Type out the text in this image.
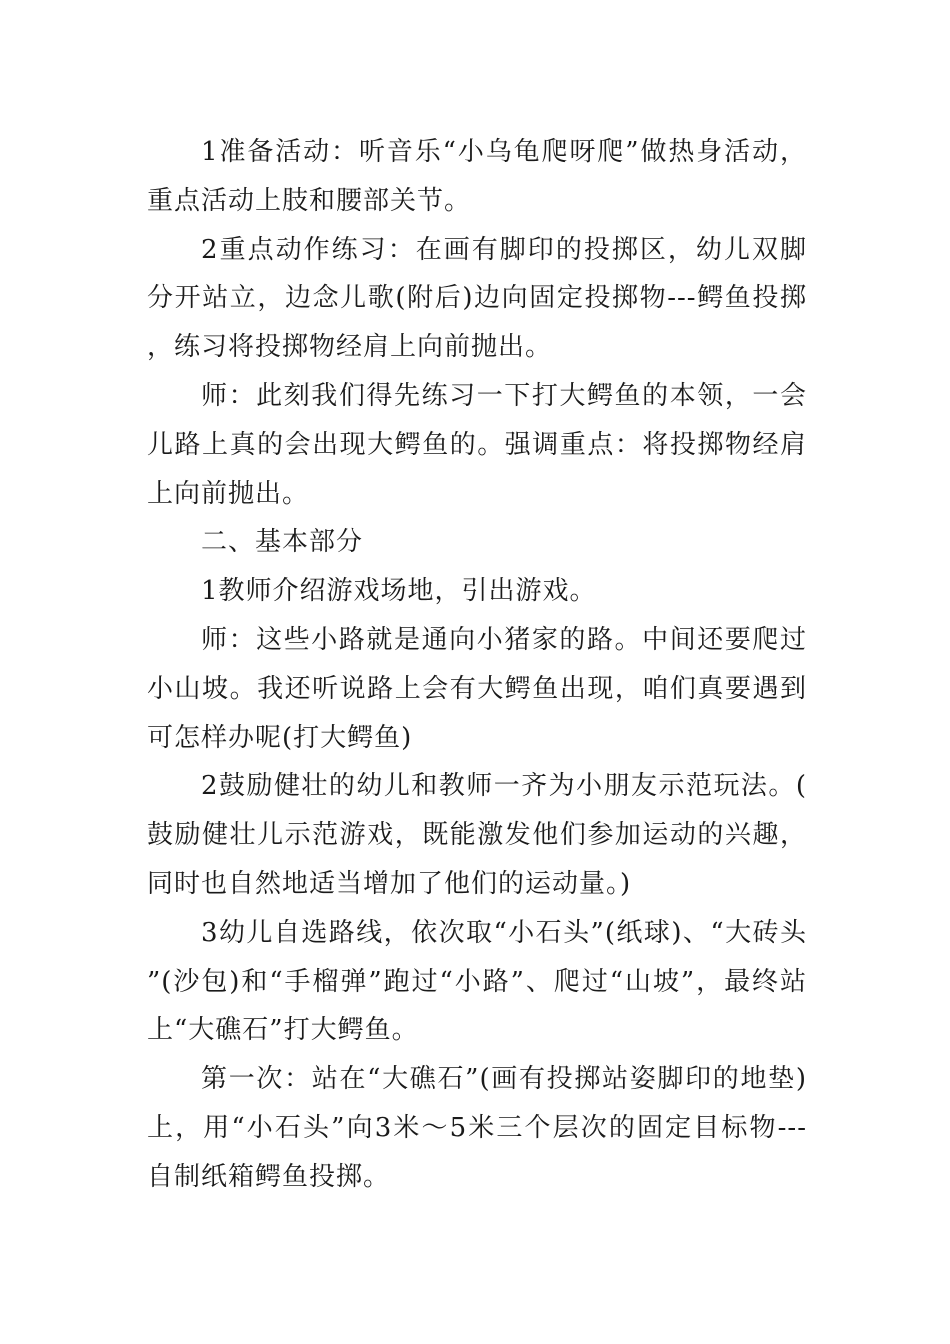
1准备活动：听音乐“小乌龟爬呀爬”做热身活动，重点活动上肢和腰部关节。

2重点动作练习：在画有脚印的投掷区，幼儿双脚分开站立，边念儿歌(附后)边向固定投掷物---鳄鱼投掷，练习将投掷物经肩上向前抛出。

师：此刻我们得先练习一下打大鳄鱼的本领，一会儿路上真的会出现大鳄鱼的。强调重点：将投掷物经肩上向前抛出。

二、基本部分

1教师介绍游戏场地，引出游戏。

师：这些小路就是通向小猪家的路。中间还要爬过小山坡。我还听说路上会有大鳄鱼出现，咱们真要遇到可怎样办呢(打大鳄鱼)

2鼓励健壮的幼儿和教师一齐为小朋友示范玩法。(鼓励健壮儿示范游戏，既能激发他们参加运动的兴趣，同时也自然地适当增加了他们的运动量。)

3幼儿自选路线，依次取“小石头”(纸球)、“大砖头”(沙包)和“手榴弹”跑过“小路”、爬过“山坡”，最终站上“大礁石”打大鳄鱼。

第一次：站在“大礁石”(画有投掷站姿脚印的地垫)上，用“小石头”向3米～5米三个层次的固定目标物---自制纸箱鳄鱼投掷。
